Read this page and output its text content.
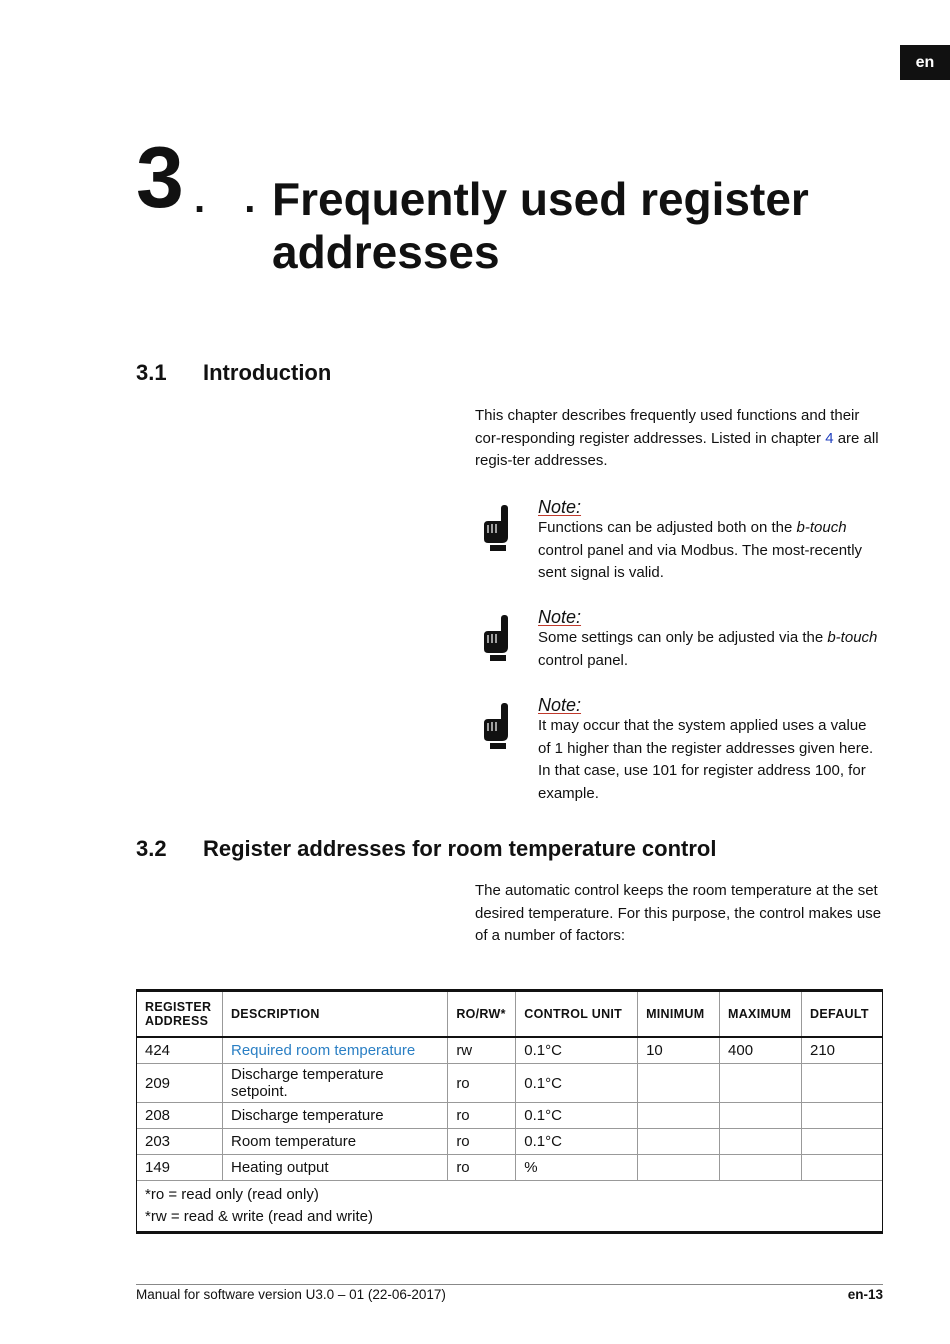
en
3 . . Frequently used register
addresses
3.1 Introduction
This chapter describes frequently used functions and their cor-responding register addresses. Listed in chapter 4 are all regis-ter addresses.
Note:
Functions can be adjusted both on the b-touch control panel and via Modbus. The most-recently sent signal is valid.
Note:
Some settings can only be adjusted via the b-touch control panel.
Note:
It may occur that the system applied uses a value of 1 higher than the register addresses given here. In that case, use 101 for register address 100, for example.
3.2 Register addresses for room temperature control
The automatic control keeps the room temperature at the set desired temperature. For this purpose, the control makes use of a number of factors:
REGISTER
ADDRESS	DESCRIPTION	RO/RW*	CONTROL UNIT	MINIMUM	MAXIMUM	DEFAULT
424	Required room temperature	rw	0.1°C	10	400	210
209	Discharge temperature setpoint.	ro	0.1°C			
208	Discharge temperature	ro	0.1°C			
203	Room temperature	ro	0.1°C			
149	Heating output	ro	%			

*ro = read only (read only)
*rw = read & write (read and write)						
Manual for software version U3.0 – 01 (22-06-2017)	en-13
